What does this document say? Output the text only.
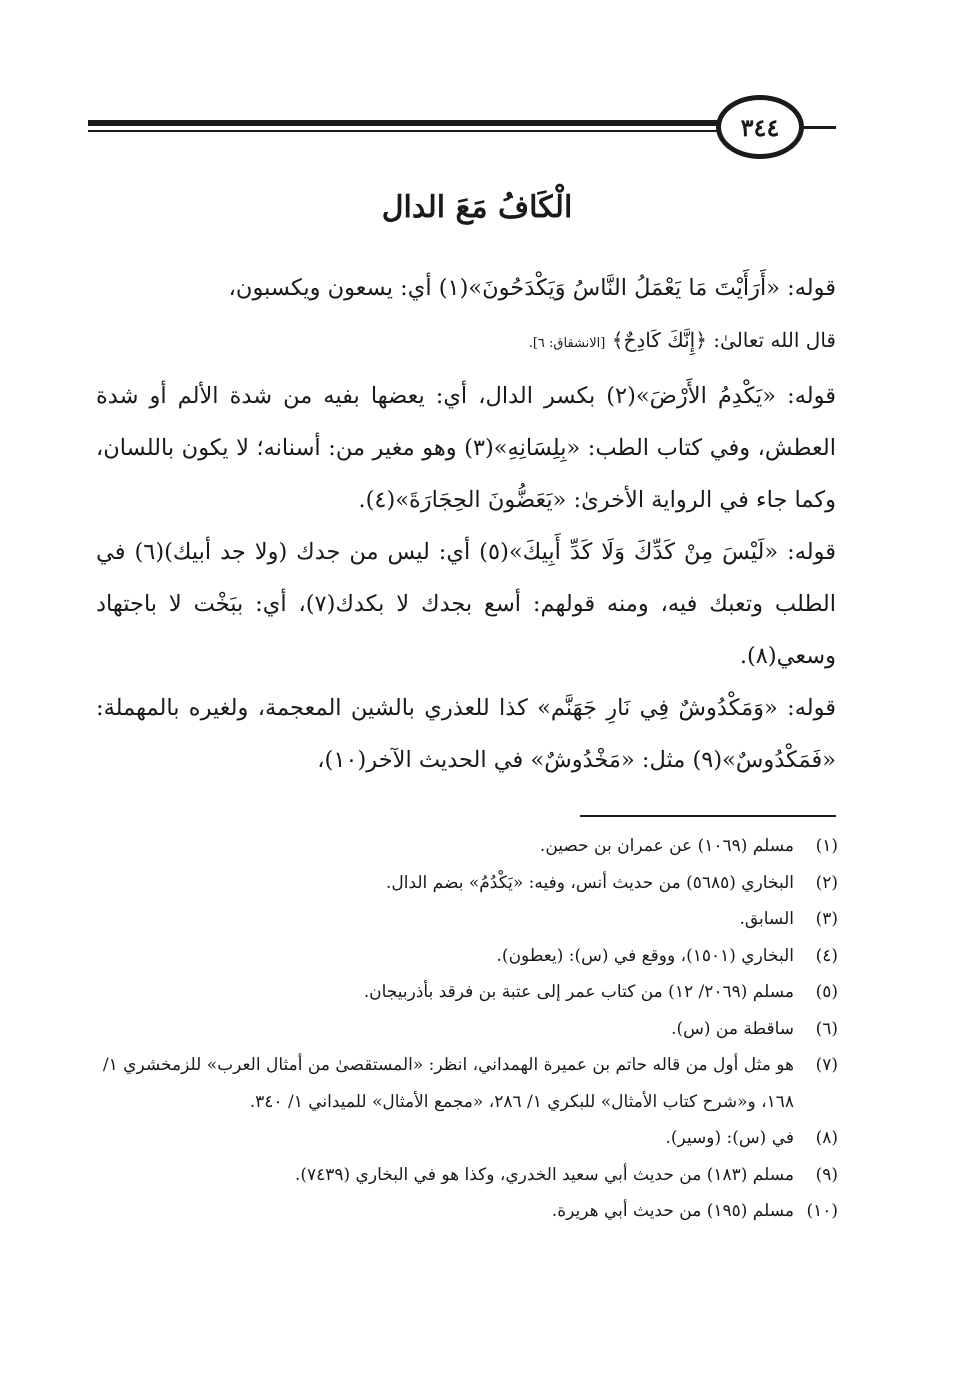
٣٤٤
الْكَافُ مَعَ الدال

قوله: «أَرَأَيْتَ مَا يَعْمَلُ النَّاسُ وَيَكْدَحُونَ»(١) أي: يسعون ويكسبون،

قال الله تعالىٰ: ﴿إِنَّكَ كَادِحٌ﴾ [الانشقاق: ٦].

قوله: «يَكْدِمُ الأَرْضَ»(٢) بكسر الدال، أي: يعضها بفيه من شدة الألم أو شدة العطش، وفي كتاب الطب: «بِلِسَانِهِ»(٣) وهو مغير من: أسنانه؛ لا يكون باللسان، وكما جاء في الرواية الأخرىٰ: «يَعَضُّونَ الحِجَارَةَ»(٤).

قوله: «لَيْسَ مِنْ كَدِّكَ وَلَا كَدِّ أَبِيكَ»(٥) أي: ليس من جدك (ولا جد أبيك)(٦) في الطلب وتعبك فيه، ومنه قولهم: أسع بجدك لا بكدك(٧)، أي: ببَخْت لا باجتهاد وسعي(٨).

قوله: «وَمَكْدُوشٌ فِي نَارِ جَهَنَّم» كذا للعذري بالشين المعجمة، ولغيره بالمهملة: «فَمَكْدُوسٌ»(٩) مثل: «مَخْدُوشٌ» في الحديث الآخر(١٠)،

(١)
مسلم (١٠٦٩) عن عمران بن حصين.
(٢)
البخاري (٥٦٨٥) من حديث أنس، وفيه: «يَكْدُمُ» بضم الدال.
(٣)
السابق.
(٤)
البخاري (١٥٠١)، ووقع في (س): (يعطون).
(٥)
مسلم (٢٠٦٩/ ١٢) من كتاب عمر إلى عتبة بن فرقد بأذربيجان.
(٦)
ساقطة من (س).
(٧)
هو مثل أول من قاله حاتم بن عميرة الهمداني، انظر: «المستقصىٰ من أمثال العرب» للزمخشري ١/ ١٦٨، و«شرح كتاب الأمثال» للبكري ١/ ٢٨٦، «مجمع الأمثال» للميداني ١/ ٣٤٠.
(٨)
في (س): (وسير).
(٩)
مسلم (١٨٣) من حديث أبي سعيد الخدري، وكذا هو في البخاري (٧٤٣٩).
(١٠)
مسلم (١٩٥) من حديث أبي هريرة.
